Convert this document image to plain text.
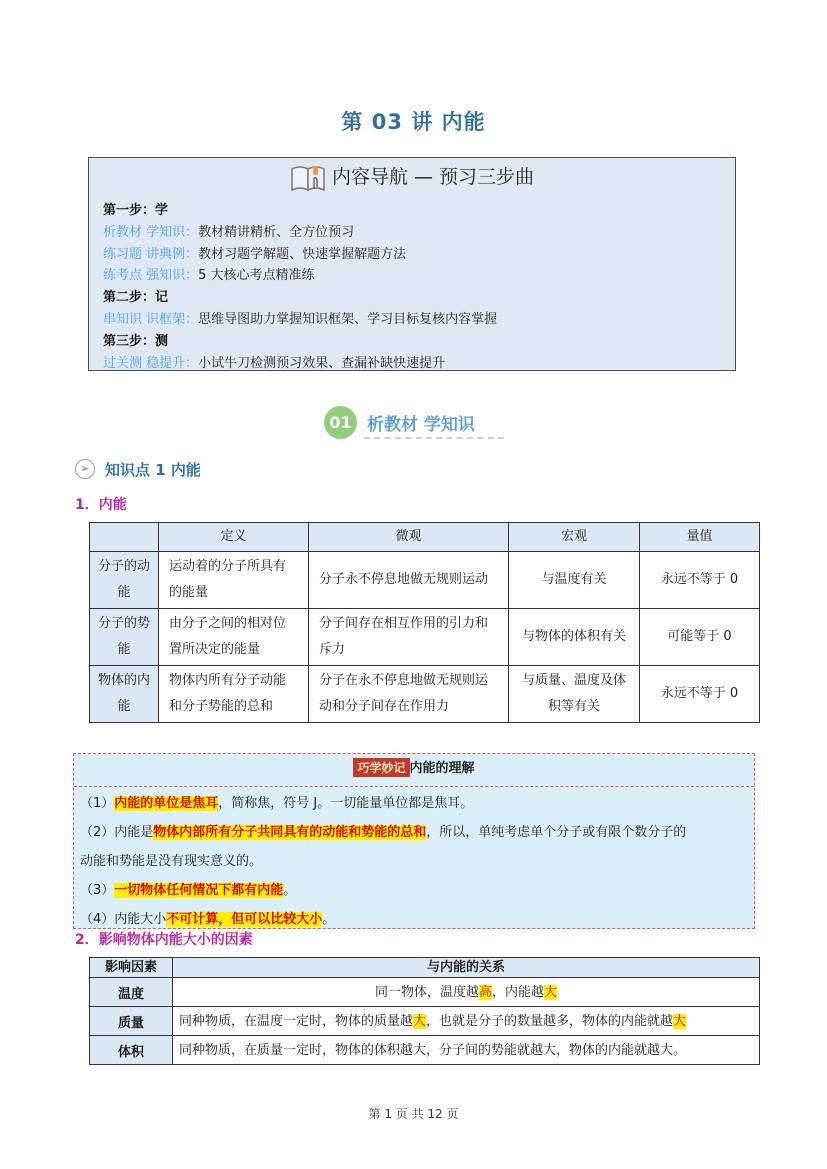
第 03 讲 内能
内容导航 — 预习三步曲
第一步：学
析教材 学知识：教材精讲精析、全方位预习
练习题 讲典例：教材习题学解题、快速掌握解题方法
练考点 强知识：5 大核心考点精准练
第二步：记
串知识 识框架：思维导图助力掌握知识框架、学习目标复核内容掌握
第三步：测
过关测 稳提升：小试牛刀检测预习效果、查漏补缺快速提升
01 析教材 学知识
➢	知识点 1 内能
1．内能
	定义	微观	宏观	量值
分子的动能	运动着的分子所具有的能量	分子永不停息地做无规则运动	与温度有关	永远不等于 0
分子的势能	由分子之间的相对位置所决定的能量	分子间存在相互作用的引力和斥力	与物体的体积有关	可能等于 0
物体的内能	物体内所有分子动能和分子势能的总和	分子在永不停息地做无规则运动和分子间存在作用力	与质量、温度及体积等有关	永远不等于 0
巧学妙记 内能的理解
（1）内能的单位是焦耳，简称焦，符号 J。一切能量单位都是焦耳。
（2）内能是物体内部所有分子共同具有的动能和势能的总和，所以，单纯考虑单个分子或有限个数分子的
动能和势能是没有现实意义的。
（3）一切物体任何情况下都有内能。
（4）内能大小不可计算，但可以比较大小。
2．影响物体内能大小的因素
影响因素	与内能的关系
温度	同一物体，温度越高，内能越大
质量	同种物质，在温度一定时，物体的质量越大，也就是分子的数量越多，物体的内能就越大
体积	同种物质，在质量一定时，物体的体积越大，分子间的势能就越大，物体的内能就越大。
第 1 页 共 12 页
